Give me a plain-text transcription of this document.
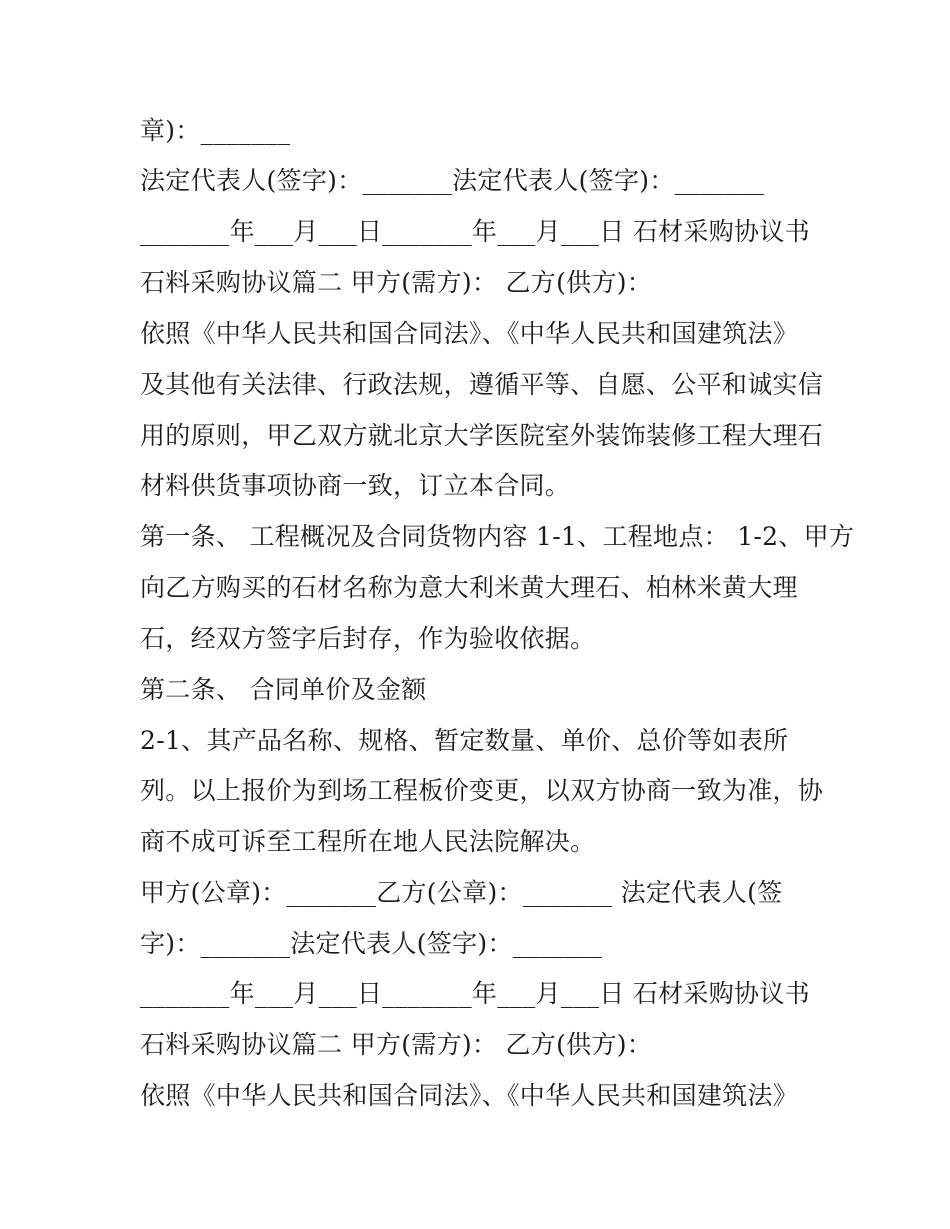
章)：_______
法定代表人(签字)：_______法定代表人(签字)：_______
_______年___月___日_______年___月___日 石材采购协议书
石料采购协议篇二 甲方(需方)： 乙方(供方)：
依照《中华人民共和国合同法》、《中华人民共和国建筑法》
及其他有关法律、行政法规，遵循平等、自愿、公平和诚实信
用的原则，甲乙双方就北京大学医院室外装饰装修工程大理石
材料供货事项协商一致，订立本合同。
第一条、 工程概况及合同货物内容 1-1、工程地点： 1-2、甲方
向乙方购买的石材名称为意大利米黄大理石、柏林米黄大理
石，经双方签字后封存，作为验收依据。
第二条、 合同单价及金额
2-1、其产品名称、规格、暂定数量、单价、总价等如表所
列。以上报价为到场工程板价变更，以双方协商一致为准，协
商不成可诉至工程所在地人民法院解决。
甲方(公章)：_______乙方(公章)：_______ 法定代表人(签
字)：_______法定代表人(签字)：_______
_______年___月___日_______年___月___日 石材采购协议书
石料采购协议篇二 甲方(需方)： 乙方(供方)：
依照《中华人民共和国合同法》、《中华人民共和国建筑法》
